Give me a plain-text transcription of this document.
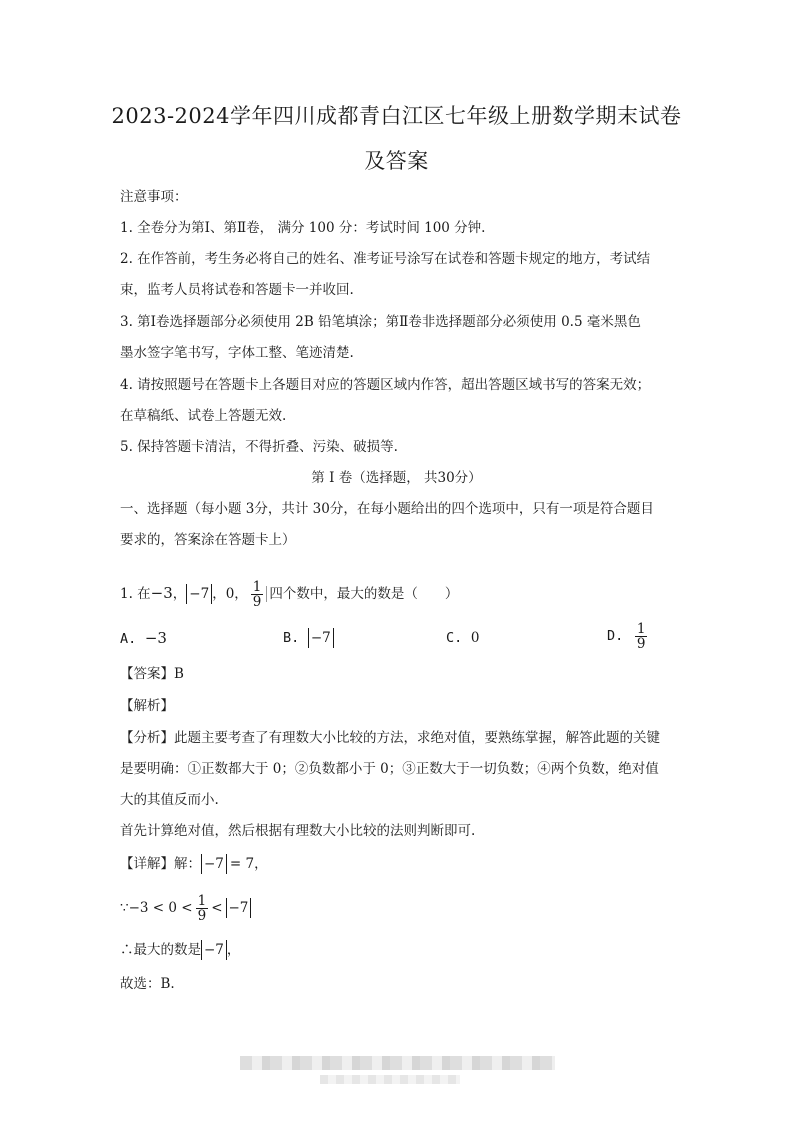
2023-2024学年四川成都青白江区七年级上册数学期末试卷
及答案
注意事项：
1. 全卷分为第Ⅰ、第Ⅱ卷， 满分 100 分：考试时间 100 分钟.
2. 在作答前，考生务必将自己的姓名、准考证号涂写在试卷和答题卡规定的地方，考试结
束，监考人员将试卷和答题卡一并收回.
3. 第Ⅰ卷选择题部分必须使用 2B 铅笔填涂；第Ⅱ卷非选择题部分必须使用 0.5 毫米黑色
墨水签字笔书写，字体工整、笔迹清楚.
4. 请按照题号在答题卡上各题目对应的答题区域内作答，超出答题区域书写的答案无效；
在草稿纸、试卷上答题无效.
5. 保持答题卡清洁，不得折叠、污染、破损等.
第 Ⅰ 卷（选择题， 共30分）
一、选择题（每小题 3分，共计 30分，在每小题给出的四个选项中，只有一项是符合题目
要求的，答案涂在答题卡上）
1. 在−3， −7 ，0， $\frac{1}{9}$ 四个数中，最大的数是（　　）
A. −3	B. −7	C. 0	D. $\frac{1}{9}$
【答案】B
【解析】
【分析】此题主要考查了有理数大小比较的方法，求绝对值，要熟练掌握，解答此题的关键
是要明确：①正数都大于 0；②负数都小于 0；③正数大于一切负数；④两个负数，绝对值
大的其值反而小.
首先计算绝对值，然后根据有理数大小比较的法则判断即可.
【详解】解： −7 = 7，
∵−3 < $0 < \frac{1}{9} < -7$
∴最大的数是 −7 ，
故选：B.
